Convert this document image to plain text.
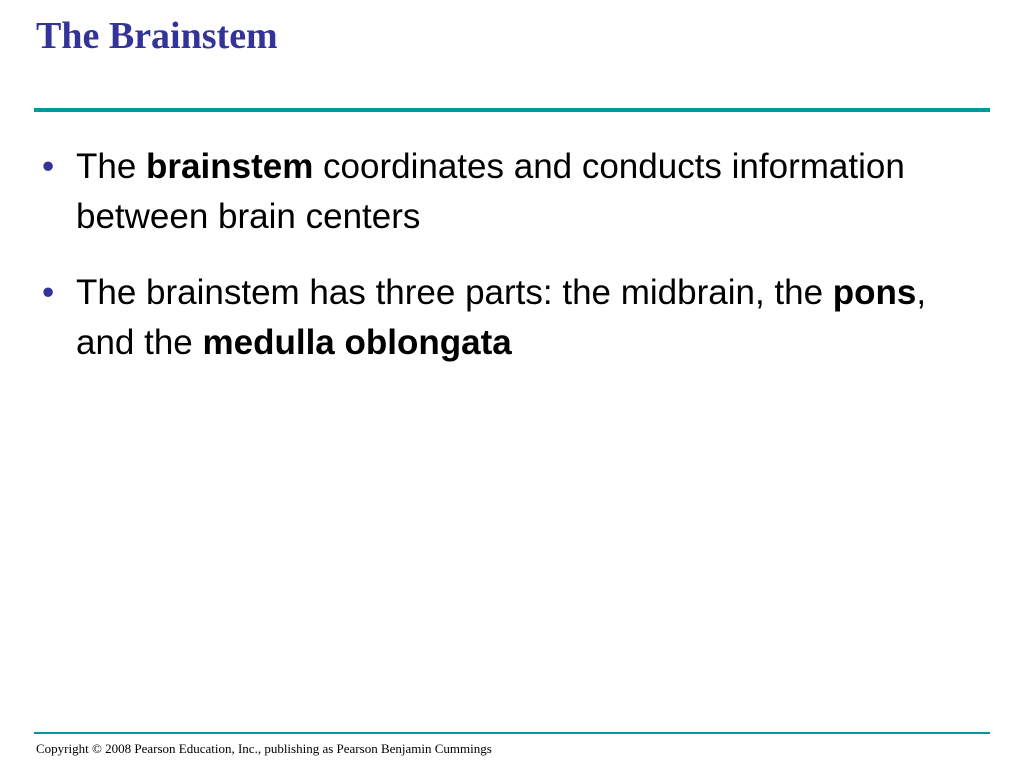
The Brainstem
• The brainstem coordinates and conducts information between brain centers
• The brainstem has three parts: the midbrain, the pons, and the medulla oblongata

Copyright © 2008 Pearson Education, Inc., publishing as Pearson Benjamin Cummings
